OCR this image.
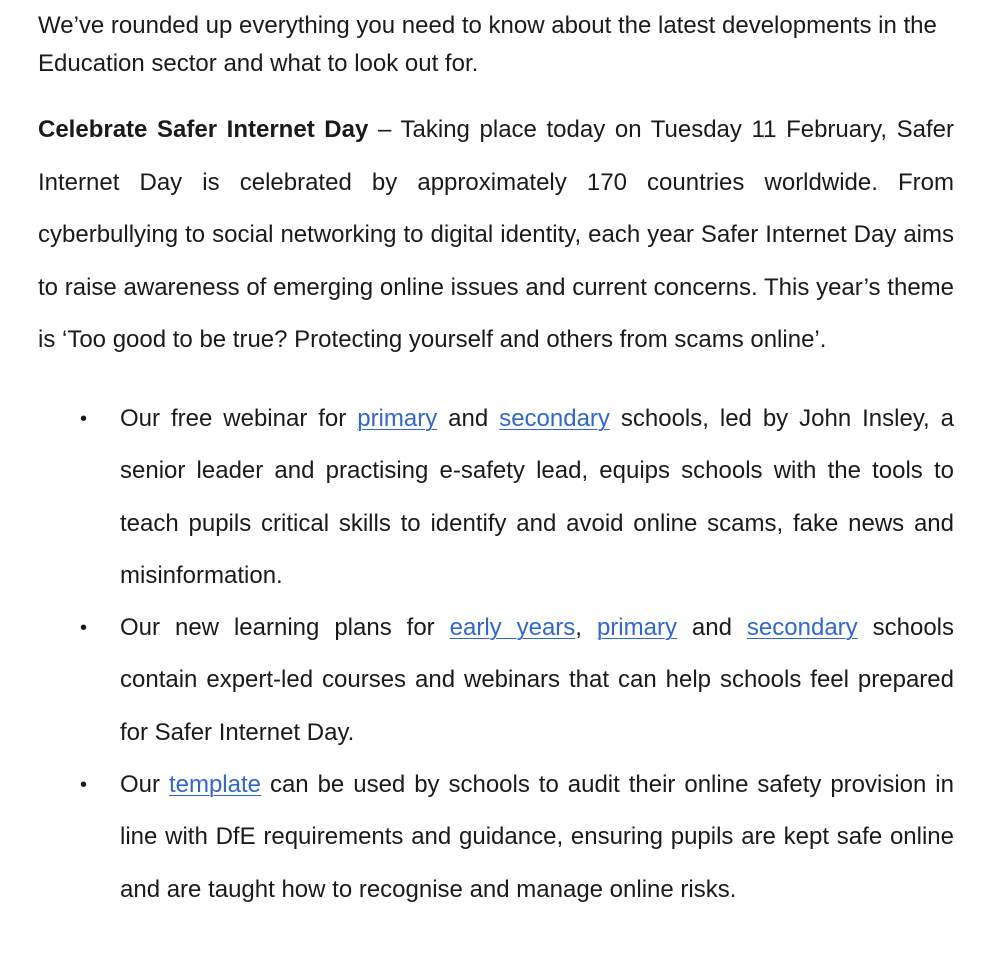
We’ve rounded up everything you need to know about the latest developments in the Education sector and what to look out for.

Celebrate Safer Internet Day – Taking place today on Tuesday 11 February, Safer Internet Day is celebrated by approximately 170 countries worldwide. From cyberbullying to social networking to digital identity, each year Safer Internet Day aims to raise awareness of emerging online issues and current concerns. This year’s theme is ‘Too good to be true? Protecting yourself and others from scams online’.

• Our free webinar for primary and secondary schools, led by John Insley, a senior leader and practising e-safety lead, equips schools with the tools to teach pupils critical skills to identify and avoid online scams, fake news and misinformation.
• Our new learning plans for early years, primary and secondary schools contain expert-led courses and webinars that can help schools feel prepared for Safer Internet Day.
• Our template can be used by schools to audit their online safety provision in line with DfE requirements and guidance, ensuring pupils are kept safe online and are taught how to recognise and manage online risks.
